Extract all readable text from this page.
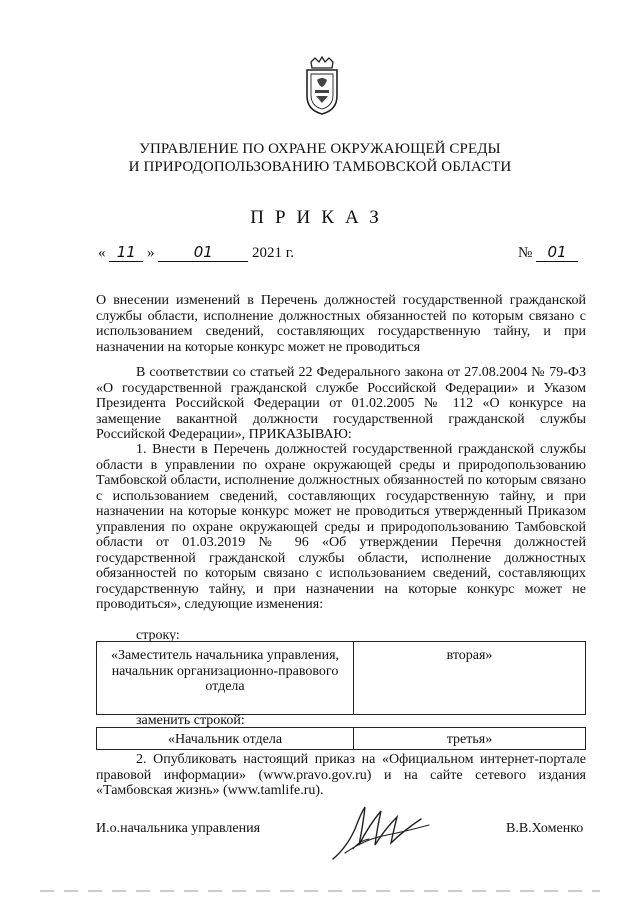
УПРАВЛЕНИЕ ПО ОХРАНЕ ОКРУЖАЮЩЕЙ СРЕДЫ
И ПРИРОДОПОЛЬЗОВАНИЮ ТАМБОВСКОЙ ОБЛАСТИ
ПРИКАЗ
« 11 »	01	2021 г.	№ 01

О внесении изменений в Перечень должностей государственной гражданской службы области, исполнение должностных обязанностей по которым связано с использованием сведений, составляющих государственную тайну, и при назначении на которые конкурс может не проводиться

В соответствии со статьей 22 Федерального закона от 27.08.2004 № 79-ФЗ «О государственной гражданской службе Российской Федерации» и Указом Президента Российской Федерации от 01.02.2005 № 112 «О конкурсе на замещение вакантной должности государственной гражданской службы Российской Федерации», ПРИКАЗЫВАЮ:

1. Внести в Перечень должностей государственной гражданской службы области в управлении по охране окружающей среды и природопользованию Тамбовской области, исполнение должностных обязанностей по которым связано с использованием сведений, составляющих государственную тайну, и при назначении на которые конкурс может не проводиться утвержденный Приказом управления по охране окружающей среды и природопользованию Тамбовской области от 01.03.2019 № 96 «Об утверждении Перечня должностей государственной гражданской службы области, исполнение должностных обязанностей по которым связано с использованием сведений, составляющих государственную тайну, и при назначении на которые конкурс может не проводиться», следующие изменения:

строку:
«Заместитель начальника управления, начальник организационно-правового отдела	вторая»
заменить строкой:
«Начальник отдела	третья»

2. Опубликовать настоящий приказ на «Официальном интернет-портале правовой информации» (www.pravo.gov.ru) и на сайте сетевого издания «Тамбовская жизнь» (www.tamlife.ru).

И.о.начальника управления	В.В.Хоменко
